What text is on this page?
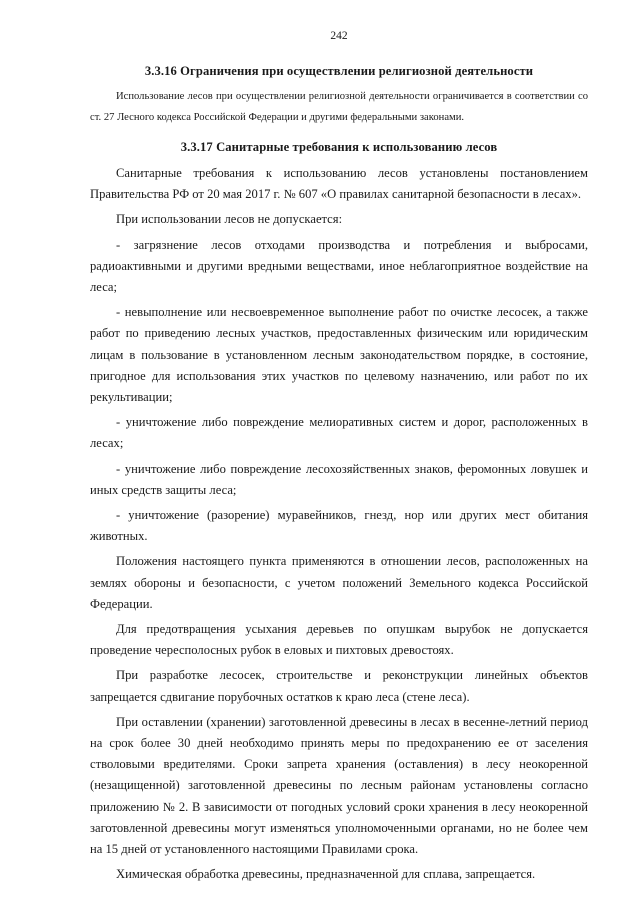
242
3.3.16 Ограничения при осуществлении религиозной деятельности

Использование лесов при осуществлении религиозной деятельности ограничивается в соответствии со ст. 27 Лесного кодекса Российской Федерации и другими федеральными законами.

3.3.17 Санитарные требования к использованию лесов

Санитарные требования к использованию лесов установлены постановлением Правительства РФ от 20 мая 2017 г. № 607 «О правилах санитарной безопасности в лесах».

При использовании лесов не допускается:

- загрязнение лесов отходами производства и потребления и выбросами, радиоактивными и другими вредными веществами, иное неблагоприятное воздействие на леса;

- невыполнение или несвоевременное выполнение работ по очистке лесосек, а также работ по приведению лесных участков, предоставленных физическим или юридическим лицам в пользование в установленном лесным законодательством порядке, в состояние, пригодное для использования этих участков по целевому назначению, или работ по их рекультивации;

- уничтожение либо повреждение мелиоративных систем и дорог, расположенных в лесах;

- уничтожение либо повреждение лесохозяйственных знаков, феромонных ловушек и иных средств защиты леса;

- уничтожение (разорение) муравейников, гнезд, нор или других мест обитания животных.

Положения настоящего пункта применяются в отношении лесов, расположенных на землях обороны и безопасности, с учетом положений Земельного кодекса Российской Федерации.

Для предотвращения усыхания деревьев по опушкам вырубок не допускается проведение чересполосных рубок в еловых и пихтовых древостоях.

При разработке лесосек, строительстве и реконструкции линейных объектов запрещается сдвигание порубочных остатков к краю леса (стене леса).

При оставлении (хранении) заготовленной древесины в лесах в весенне-летний период на срок более 30 дней необходимо принять меры по предохранению ее от заселения стволовыми вредителями. Сроки запрета хранения (оставления) в лесу неокоренной (незащищенной) заготовленной древесины по лесным районам установлены согласно приложению № 2. В зависимости от погодных условий сроки хранения в лесу неокоренной заготовленной древесины могут изменяться уполномоченными органами, но не более чем на 15 дней от установленного настоящими Правилами срока.

Химическая обработка древесины, предназначенной для сплава, запрещается.
